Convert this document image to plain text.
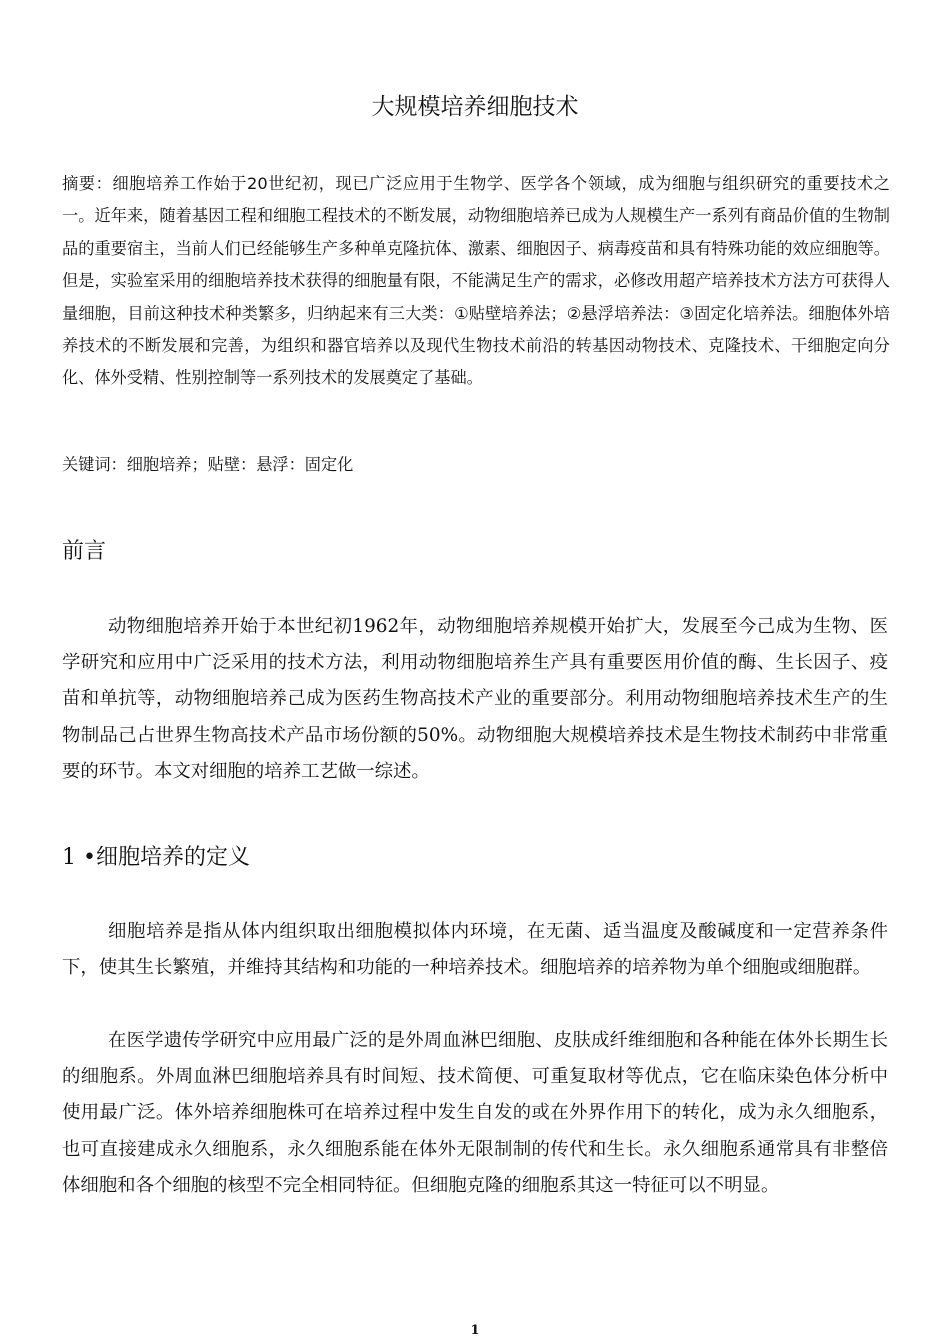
大规模培养细胞技术
摘要：细胞培养工作始于20世纪初，现已广泛应用于生物学、医学各个领域，成为细胞与组织研究的重要技术之一。近年来，随着基因工程和细胞工程技术的不断发展，动物细胞培养已成为人规模生产一系列有商品价值的生物制品的重要宿主，当前人们已经能够生产多种单克隆抗体、激素、细胞因子、病毒疫苗和具有特殊功能的效应细胞等。但是，实验室采用的细胞培养技术获得的细胞量有限，不能满足生产的需求，必修改用超产培养技术方法方可获得人量细胞，目前这种技术种类繁多，归纳起来有三大类：①贴壁培养法；②悬浮培养法：③固定化培养法。细胞体外培养技术的不断发展和完善，为组织和器官培养以及现代生物技术前沿的转基因动物技术、克隆技术、干细胞定向分化、体外受精、性别控制等一系列技术的发展奠定了基础。
关键词：细胞培养；贴壁：悬浮：固定化
前言
动物细胞培养开始于本世纪初1962年，动物细胞培养规模开始扩大，发展至今己成为生物、医学研究和应用中广泛采用的技术方法，利用动物细胞培养生产具有重要医用价值的酶、生长因子、疫苗和单抗等，动物细胞培养己成为医药生物高技术产业的重要部分。利用动物细胞培养技术生产的生物制品己占世界生物高技术产品市场份额的50%。动物细胞大规模培养技术是生物技术制药中非常重要的环节。本文对细胞的培养工艺做一综述。
1 •细胞培养的定义
细胞培养是指从体内组织取出细胞模拟体内环境，在无菌、适当温度及酸碱度和一定营养条件下，使其生长繁殖，并维持其结构和功能的一种培养技术。细胞培养的培养物为单个细胞或细胞群。
在医学遗传学研究中应用最广泛的是外周血淋巴细胞、皮肤成纤维细胞和各种能在体外长期生长的细胞系。外周血淋巴细胞培养具有时间短、技术简便、可重复取材等优点，它在临床染色体分析中使用最广泛。体外培养细胞株可在培养过程中发生自发的或在外界作用下的转化，成为永久细胞系，也可直接建成永久细胞系，永久细胞系能在体外无限制制的传代和生长。永久细胞系通常具有非整倍体细胞和各个细胞的核型不完全相同特征。但细胞克隆的细胞系其这一特征可以不明显。
1
